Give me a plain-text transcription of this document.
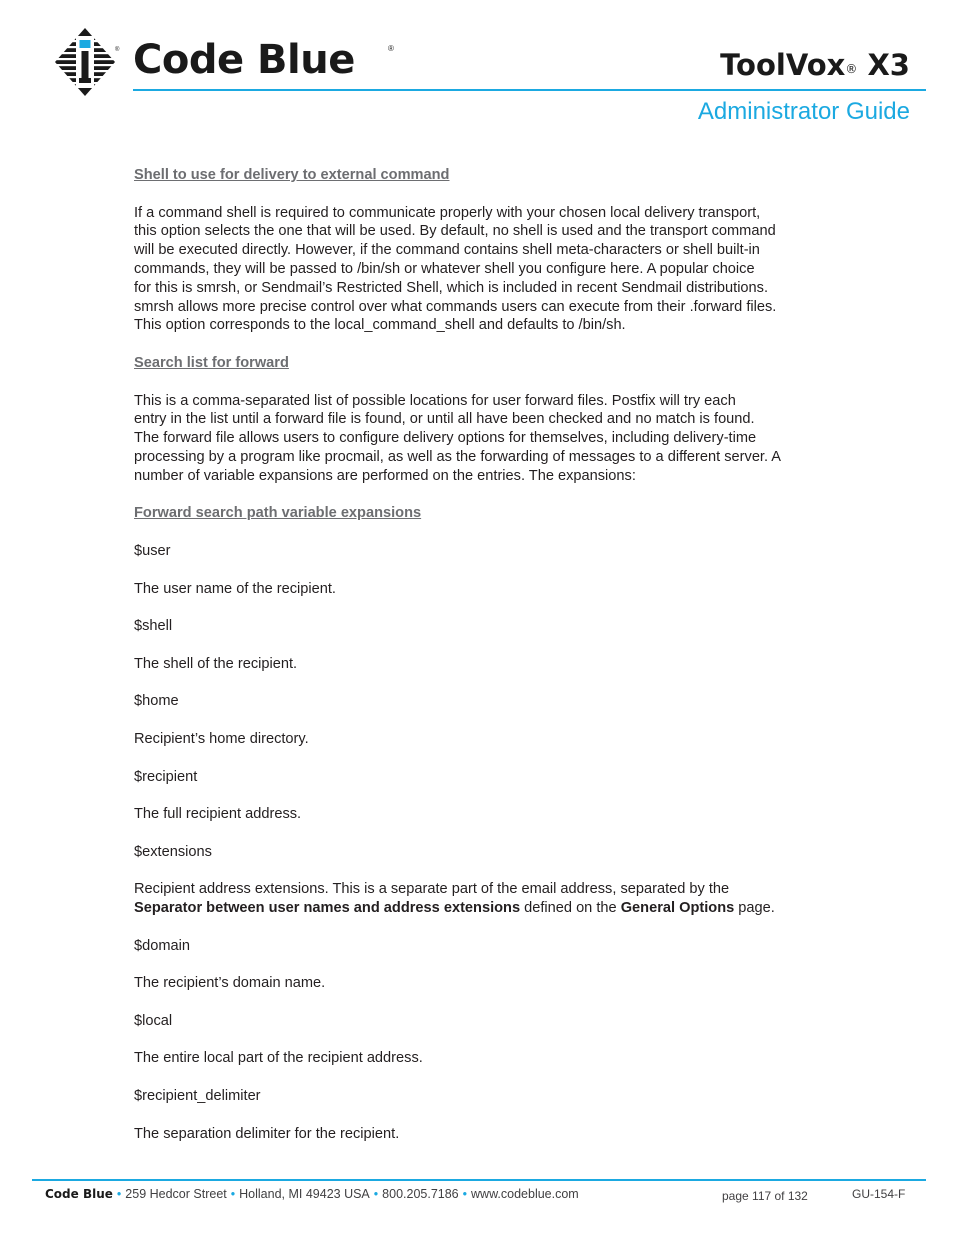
® Code Blue	®	ToolVox® X3
Administrator Guide

Shell to use for delivery to external command

If a command shell is required to communicate properly with your chosen local delivery transport,

this option selects the one that will be used. By default, no shell is used and the transport command

will be executed directly. However, if the command contains shell meta-characters or shell built-in

commands, they will be passed to /bin/sh or whatever shell you configure here. A popular choice

for this is smrsh, or Sendmail’s Restricted Shell, which is included in recent Sendmail distributions.

smrsh allows more precise control over what commands users can execute from their .forward files.

This option corresponds to the local_command_shell and defaults to /bin/sh.

Search list for forward

This is a comma-separated list of possible locations for user forward files. Postfix will try each

entry in the list until a forward file is found, or until all have been checked and no match is found.

The forward file allows users to configure delivery options for themselves, including delivery-time

processing by a program like procmail, as well as the forwarding of messages to a different server. A

number of variable expansions are performed on the entries. The expansions:

Forward search path variable expansions

$user

The user name of the recipient.

$shell

The shell of the recipient.

$home

Recipient’s home directory.

$recipient

The full recipient address.

$extensions

Recipient address extensions. This is a separate part of the email address, separated by the

Separator between user names and address extensions defined on the General Options page.

$domain

The recipient’s domain name.

$local

The entire local part of the recipient address.

$recipient_delimiter

The separation delimiter for the recipient.

Code Blue • 259 Hedcor Street • Holland, MI 49423 USA • 800.205.7186 • www.codeblue.com	page 117 of 132	GU-154-F
